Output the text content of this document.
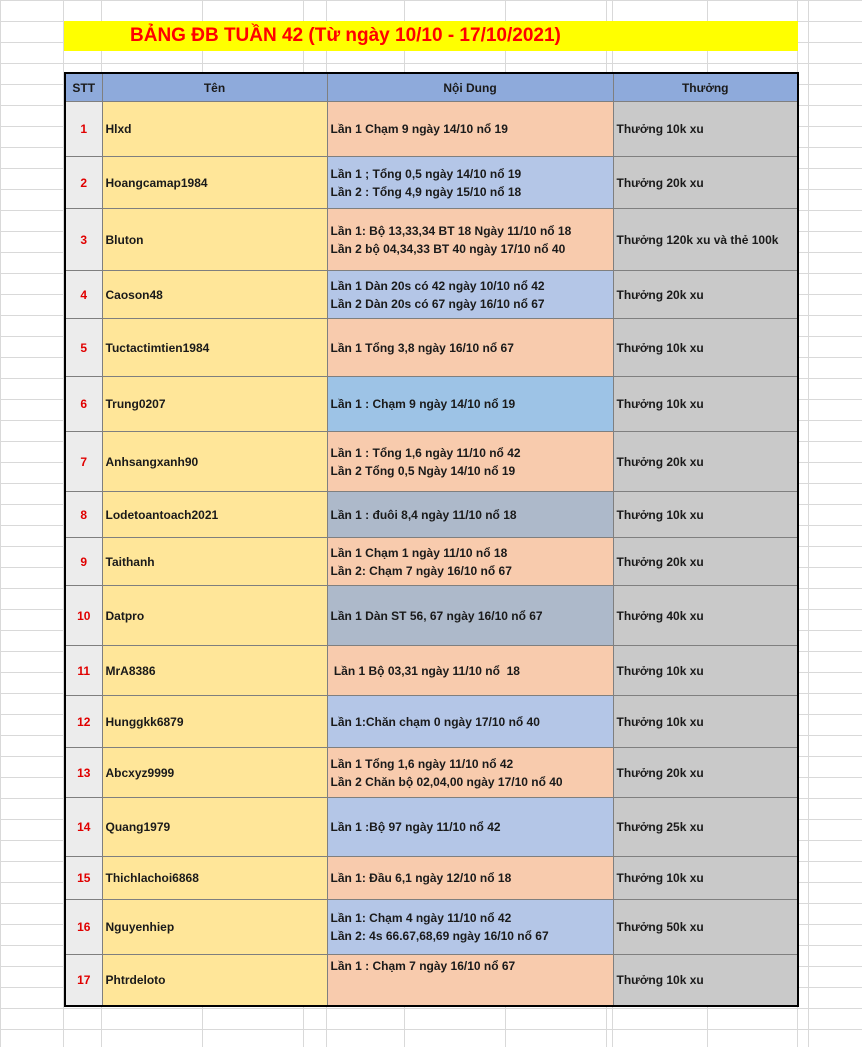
BẢNG ĐB TUẦN 42 (Từ ngày 10/10 - 17/10/2021)
STT	Tên	Nội Dung	Thưởng
1	Hlxd	Lần 1 Chạm 9 ngày 14/10 nổ 19	Thưởng 10k xu
2	Hoangcamap1984	Lần 1 ; Tổng 0,5 ngày 14/10 nổ 19
Lần 2 : Tổng 4,9 ngày 15/10 nổ 18	Thưởng 20k xu
3	Bluton	Lần 1: Bộ 13,33,34 BT 18 Ngày 11/10 nổ 18
Lần 2 bộ 04,34,33 BT 40 ngày 17/10 nổ 40	Thưởng 120k xu và thẻ 100k
4	Caoson48	Lần 1 Dàn 20s có 42 ngày 10/10 nổ 42
Lần 2 Dàn 20s có 67 ngày 16/10 nổ 67	Thưởng 20k xu
5	Tuctactimtien1984	Lần 1 Tổng 3,8 ngày 16/10 nổ 67	Thưởng 10k xu
6	Trung0207	Lần 1 : Chạm 9 ngày 14/10 nổ 19	Thưởng 10k xu
7	Anhsangxanh90	Lần 1 : Tổng 1,6 ngày 11/10 nổ 42
Lần 2 Tổng 0,5 Ngày 14/10 nổ 19	Thưởng 20k xu
8	Lodetoantoach2021	Lần 1 : đuôi 8,4 ngày 11/10 nổ 18	Thưởng 10k xu
9	Taithanh	Lần 1 Chạm 1 ngày 11/10 nổ 18
Lần 2: Chạm 7 ngày 16/10 nổ 67	Thưởng 20k xu
10	Datpro	Lần 1 Dàn ST 56, 67 ngày 16/10 nổ 67	Thưởng 40k xu
11	MrA8386	Lần 1 Bộ 03,31 ngày 11/10 nổ  18	Thưởng 10k xu
12	Hunggkk6879	Lần 1:Chăn chạm 0 ngày 17/10 nổ 40	Thưởng 10k xu
13	Abcxyz9999	Lần 1 Tổng 1,6 ngày 11/10 nổ 42
Lần 2 Chăn bộ 02,04,00 ngày 17/10 nổ 40	Thưởng 20k xu
14	Quang1979	Lần 1 :Bộ 97 ngày 11/10 nổ 42	Thưởng 25k xu
15	Thichlachoi6868	Lần 1: Đầu 6,1 ngày 12/10 nổ 18	Thưởng 10k xu
16	Nguyenhiep	Lần 1: Chạm 4 ngày 11/10 nổ 42
Lần 2: 4s 66.67,68,69 ngày 16/10 nổ 67	Thưởng 50k xu
17	Phtrdeloto	Lần 1 : Chạm 7 ngày 16/10 nổ 67	Thưởng 10k xu
